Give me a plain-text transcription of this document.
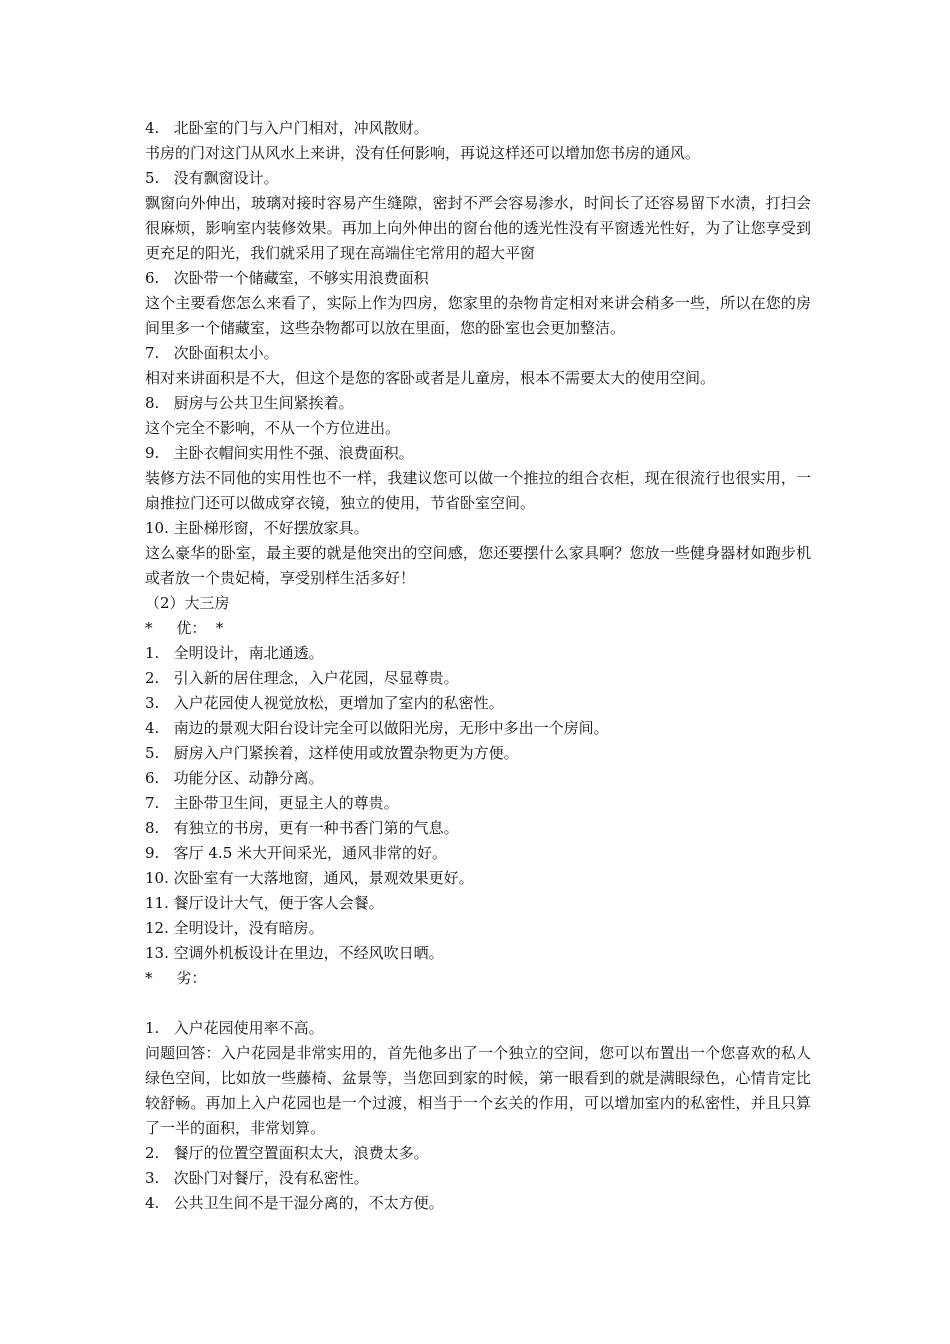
4.   北卧室的门与入户门相对，冲风散财。
书房的门对这门从风水上来讲，没有任何影响，再说这样还可以增加您书房的通风。
5.   没有飘窗设计。
飘窗向外伸出，玻璃对接时容易产生缝隙，密封不严会容易渗水，时间长了还容易留下水渍，打扫会很麻烦，影响室内装修效果。再加上向外伸出的窗台他的透光性没有平窗透光性好，为了让您享受到更充足的阳光，我们就采用了现在高端住宅常用的超大平窗
6.   次卧带一个储藏室，不够实用浪费面积
这个主要看您怎么来看了，实际上作为四房，您家里的杂物肯定相对来讲会稍多一些，所以在您的房间里多一个储藏室，这些杂物都可以放在里面，您的卧室也会更加整洁。
7.   次卧面积太小。
相对来讲面积是不大，但这个是您的客卧或者是儿童房，根本不需要太大的使用空间。
8.   厨房与公共卫生间紧挨着。
这个完全不影响，不从一个方位进出。
9.   主卧衣帽间实用性不强、浪费面积。
装修方法不同他的实用性也不一样，我建议您可以做一个推拉的组合衣柜，现在很流行也很实用，一扇推拉门还可以做成穿衣镜，独立的使用，节省卧室空间。
10. 主卧梯形窗，不好摆放家具。
这么豪华的卧室，最主要的就是他突出的空间感，您还要摆什么家具啊？您放一些健身器材如跑步机或者放一个贵妃椅，享受别样生活多好！
（2）大三房
*     优：  *
1.   全明设计，南北通透。
2.   引入新的居住理念，入户花园，尽显尊贵。
3.   入户花园使人视觉放松，更增加了室内的私密性。
4.   南边的景观大阳台设计完全可以做阳光房，无形中多出一个房间。
5.   厨房入户门紧挨着，这样使用或放置杂物更为方便。
6.   功能分区、动静分离。
7.   主卧带卫生间，更显主人的尊贵。
8.   有独立的书房，更有一种书香门第的气息。
9.   客厅 4.5 米大开间采光，通风非常的好。
10. 次卧室有一大落地窗，通风，景观效果更好。
11. 餐厅设计大气，便于客人会餐。
12. 全明设计，没有暗房。
13. 空调外机板设计在里边，不经风吹日晒。
*     劣：
1.   入户花园使用率不高。
问题回答：入户花园是非常实用的，首先他多出了一个独立的空间，您可以布置出一个您喜欢的私人绿色空间，比如放一些藤椅、盆景等，当您回到家的时候，第一眼看到的就是满眼绿色，心情肯定比较舒畅。再加上入户花园也是一个过渡，相当于一个玄关的作用，可以增加室内的私密性，并且只算了一半的面积，非常划算。
2.   餐厅的位置空置面积太大，浪费太多。
3.   次卧门对餐厅，没有私密性。
4.   公共卫生间不是干湿分离的，不太方便。
